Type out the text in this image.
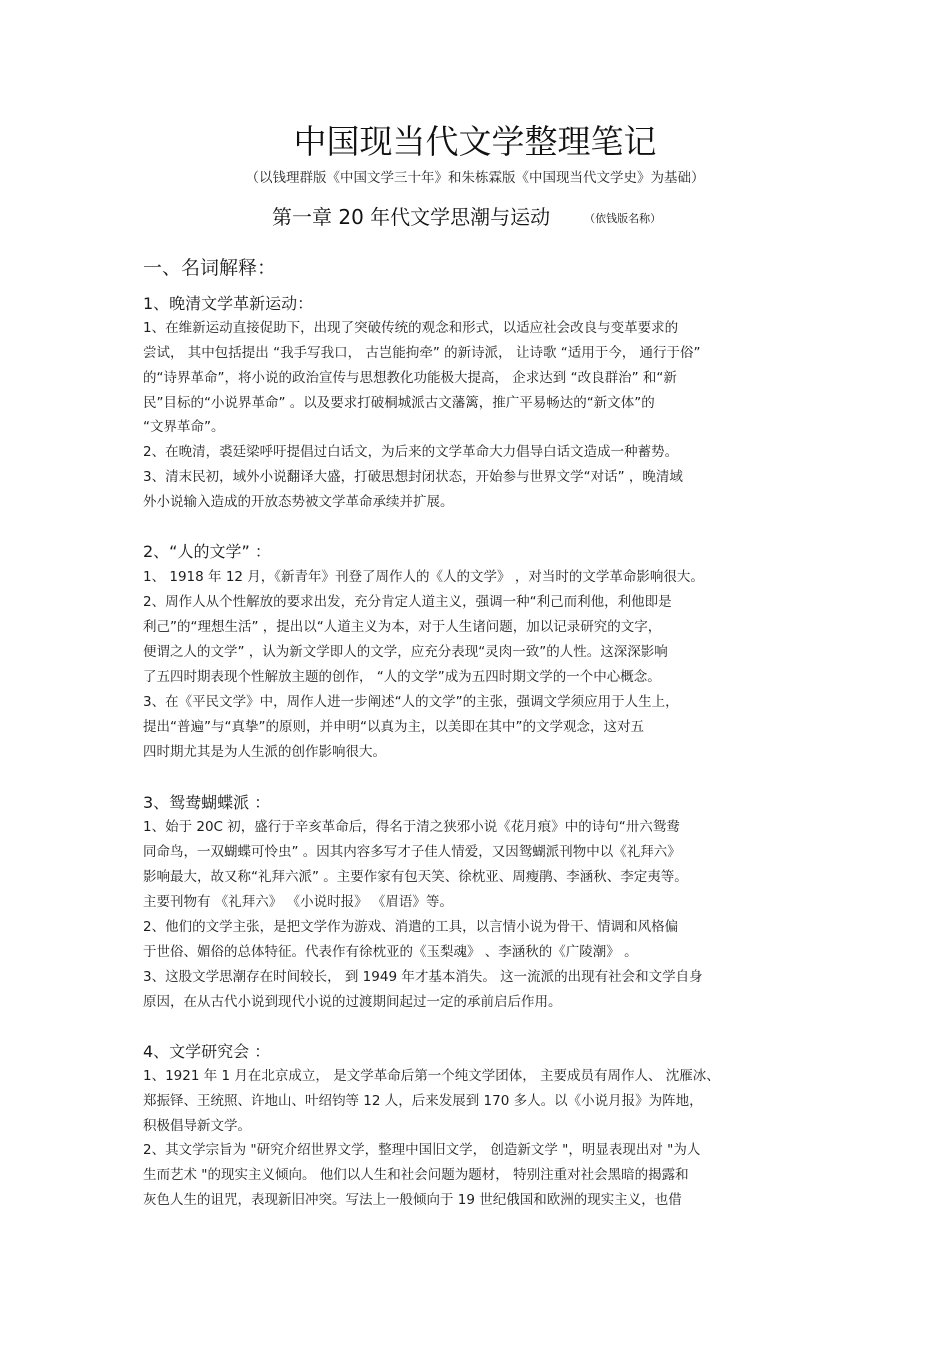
中国现当代文学整理笔记
（以钱理群版《中国文学三十年》和朱栋霖版《中国现当代文学史》为基础）
第一章 20 年代文学思潮与运动	（依钱版名称）
一、名词解释：
1、晚清文学革新运动：
1、在维新运动直接促助下，出现了突破传统的观念和形式，以适应社会改良与变革要求的
尝试， 其中包括提出 “我手写我口， 古岂能拘牵” 的新诗派， 让诗歌 “适用于今， 通行于俗”
的“诗界革命”，将小说的政治宣传与思想教化功能极大提高， 企求达到 “改良群治” 和“新
民”目标的“小说界革命” 。以及要求打破桐城派古文藩篱，推广平易畅达的“新文体”的
“文界革命”。
2、在晚清，裘廷梁呼吁提倡过白话文，为后来的文学革命大力倡导白话文造成一种蓄势。
3、清末民初，域外小说翻译大盛，打破思想封闭状态，开始参与世界文学“对话” ，晚清域
外小说输入造成的开放态势被文学革命承续并扩展。
2、“人的文学” ：
1、 1918 年 12 月，《新青年》刊登了周作人的《人的文学》 ，对当时的文学革命影响很大。
2、周作人从个性解放的要求出发，充分肯定人道主义，强调一种“利己而利他，利他即是
利己”的“理想生活” ，提出以“人道主义为本，对于人生诸问题，加以记录研究的文字，
便谓之人的文学” ，认为新文学即人的文学，应充分表现“灵肉一致”的人性。这深深影响
了五四时期表现个性解放主题的创作， “人的文学”成为五四时期文学的一个中心概念。
3、在《平民文学》中，周作人进一步阐述“人的文学”的主张，强调文学须应用于人生上，
提出“普遍”与“真挚”的原则，并申明“以真为主，以美即在其中”的文学观念，这对五
四时期尤其是为人生派的创作影响很大。
3、鸳鸯蝴蝶派 ：
1、始于 20C 初，盛行于辛亥革命后，得名于清之狭邪小说《花月痕》中的诗句“卅六鸳鸯
同命鸟，一双蝴蝶可怜虫” 。因其内容多写才子佳人情爱，又因鸳蝴派刊物中以《礼拜六》
影响最大，故又称“礼拜六派” 。主要作家有包天笑、徐枕亚、周瘦鹃、李涵秋、李定夷等。
主要刊物有 《礼拜六》 《小说时报》 《眉语》等。
2、他们的文学主张，是把文学作为游戏、消遣的工具，以言情小说为骨干、情调和风格偏
于世俗、媚俗的总体特征。代表作有徐枕亚的《玉梨魂》 、李涵秋的《广陵潮》 。
3、这股文学思潮存在时间较长， 到 1949 年才基本消失。 这一流派的出现有社会和文学自身
原因，在从古代小说到现代小说的过渡期间起过一定的承前启后作用。
4、文学研究会 ：
1、1921 年 1 月在北京成立， 是文学革命后第一个纯文学团体， 主要成员有周作人、 沈雁冰、
郑振铎、王统照、许地山、叶绍钧等 12 人，后来发展到 170 多人。以《小说月报》为阵地，
积极倡导新文学。
2、其文学宗旨为 "研究介绍世界文学，整理中国旧文学， 创造新文学 "，明显表现出对 "为人
生而艺术 "的现实主义倾向。 他们以人生和社会问题为题材， 特别注重对社会黑暗的揭露和
灰色人生的诅咒，表现新旧冲突。写法上一般倾向于 19 世纪俄国和欧洲的现实主义，也借
